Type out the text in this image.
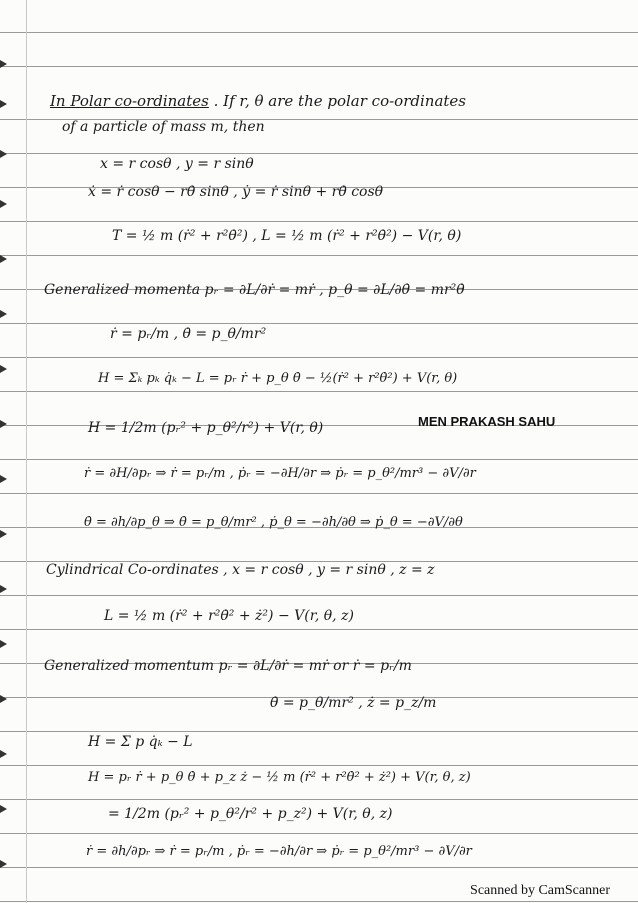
In Polar co-ordinates . If r, θ are the polar co-ordinates
of a particle of mass m, then
x = r cosθ , y = r sinθ
ẋ = ṙ cosθ − rθ̇ sinθ , ẏ = ṙ sinθ + rθ̇ cosθ
T = ½ m (ṙ² + r²θ̇²) , L = ½ m (ṙ² + r²θ̇²) − V(r, θ)
Generalized momenta pᵣ = ∂L/∂ṙ = mṙ , p_θ = ∂L/∂θ̇ = mr²θ̇
ṙ = pᵣ/m , θ̇ = p_θ/mr²
H = Σₖ pₖ q̇ₖ − L = pᵣ ṙ + p_θ θ̇ − ½(ṙ² + r²θ̇²) + V(r, θ)
H = 1/2m (pᵣ² + p_θ²/r²) + V(r, θ)
ṙ = ∂H/∂pᵣ ⇒ ṙ = pᵣ/m , ṗᵣ = −∂H/∂r ⇒ ṗᵣ = p_θ²/mr³ − ∂V/∂r
θ̇ = ∂h/∂p_θ ⇒ θ̇ = p_θ/mr² , ṗ_θ = −∂h/∂θ ⇒ ṗ_θ = −∂V/∂θ
Cylindrical Co-ordinates , x = r cosθ , y = r sinθ , z = z
L = ½ m (ṙ² + r²θ̇² + ż²) − V(r, θ, z)
Generalized momentum pᵣ = ∂L/∂ṙ = mṙ or ṙ = pᵣ/m
θ̇ = p_θ/mr² , ż = p_z/m
H = Σ p q̇ₖ − L
H = pᵣ ṙ + p_θ θ̇ + p_z ż − ½ m (ṙ² + r²θ̇² + ż²) + V(r, θ, z)
= 1/2m (pᵣ² + p_θ²/r² + p_z²) + V(r, θ, z)
ṙ = ∂h/∂pᵣ ⇒ ṙ = pᵣ/m , ṗᵣ = −∂h/∂r ⇒ ṗᵣ = p_θ²/mr³ − ∂V/∂r
MEN PRAKASH SAHU
Scanned by CamScanner
